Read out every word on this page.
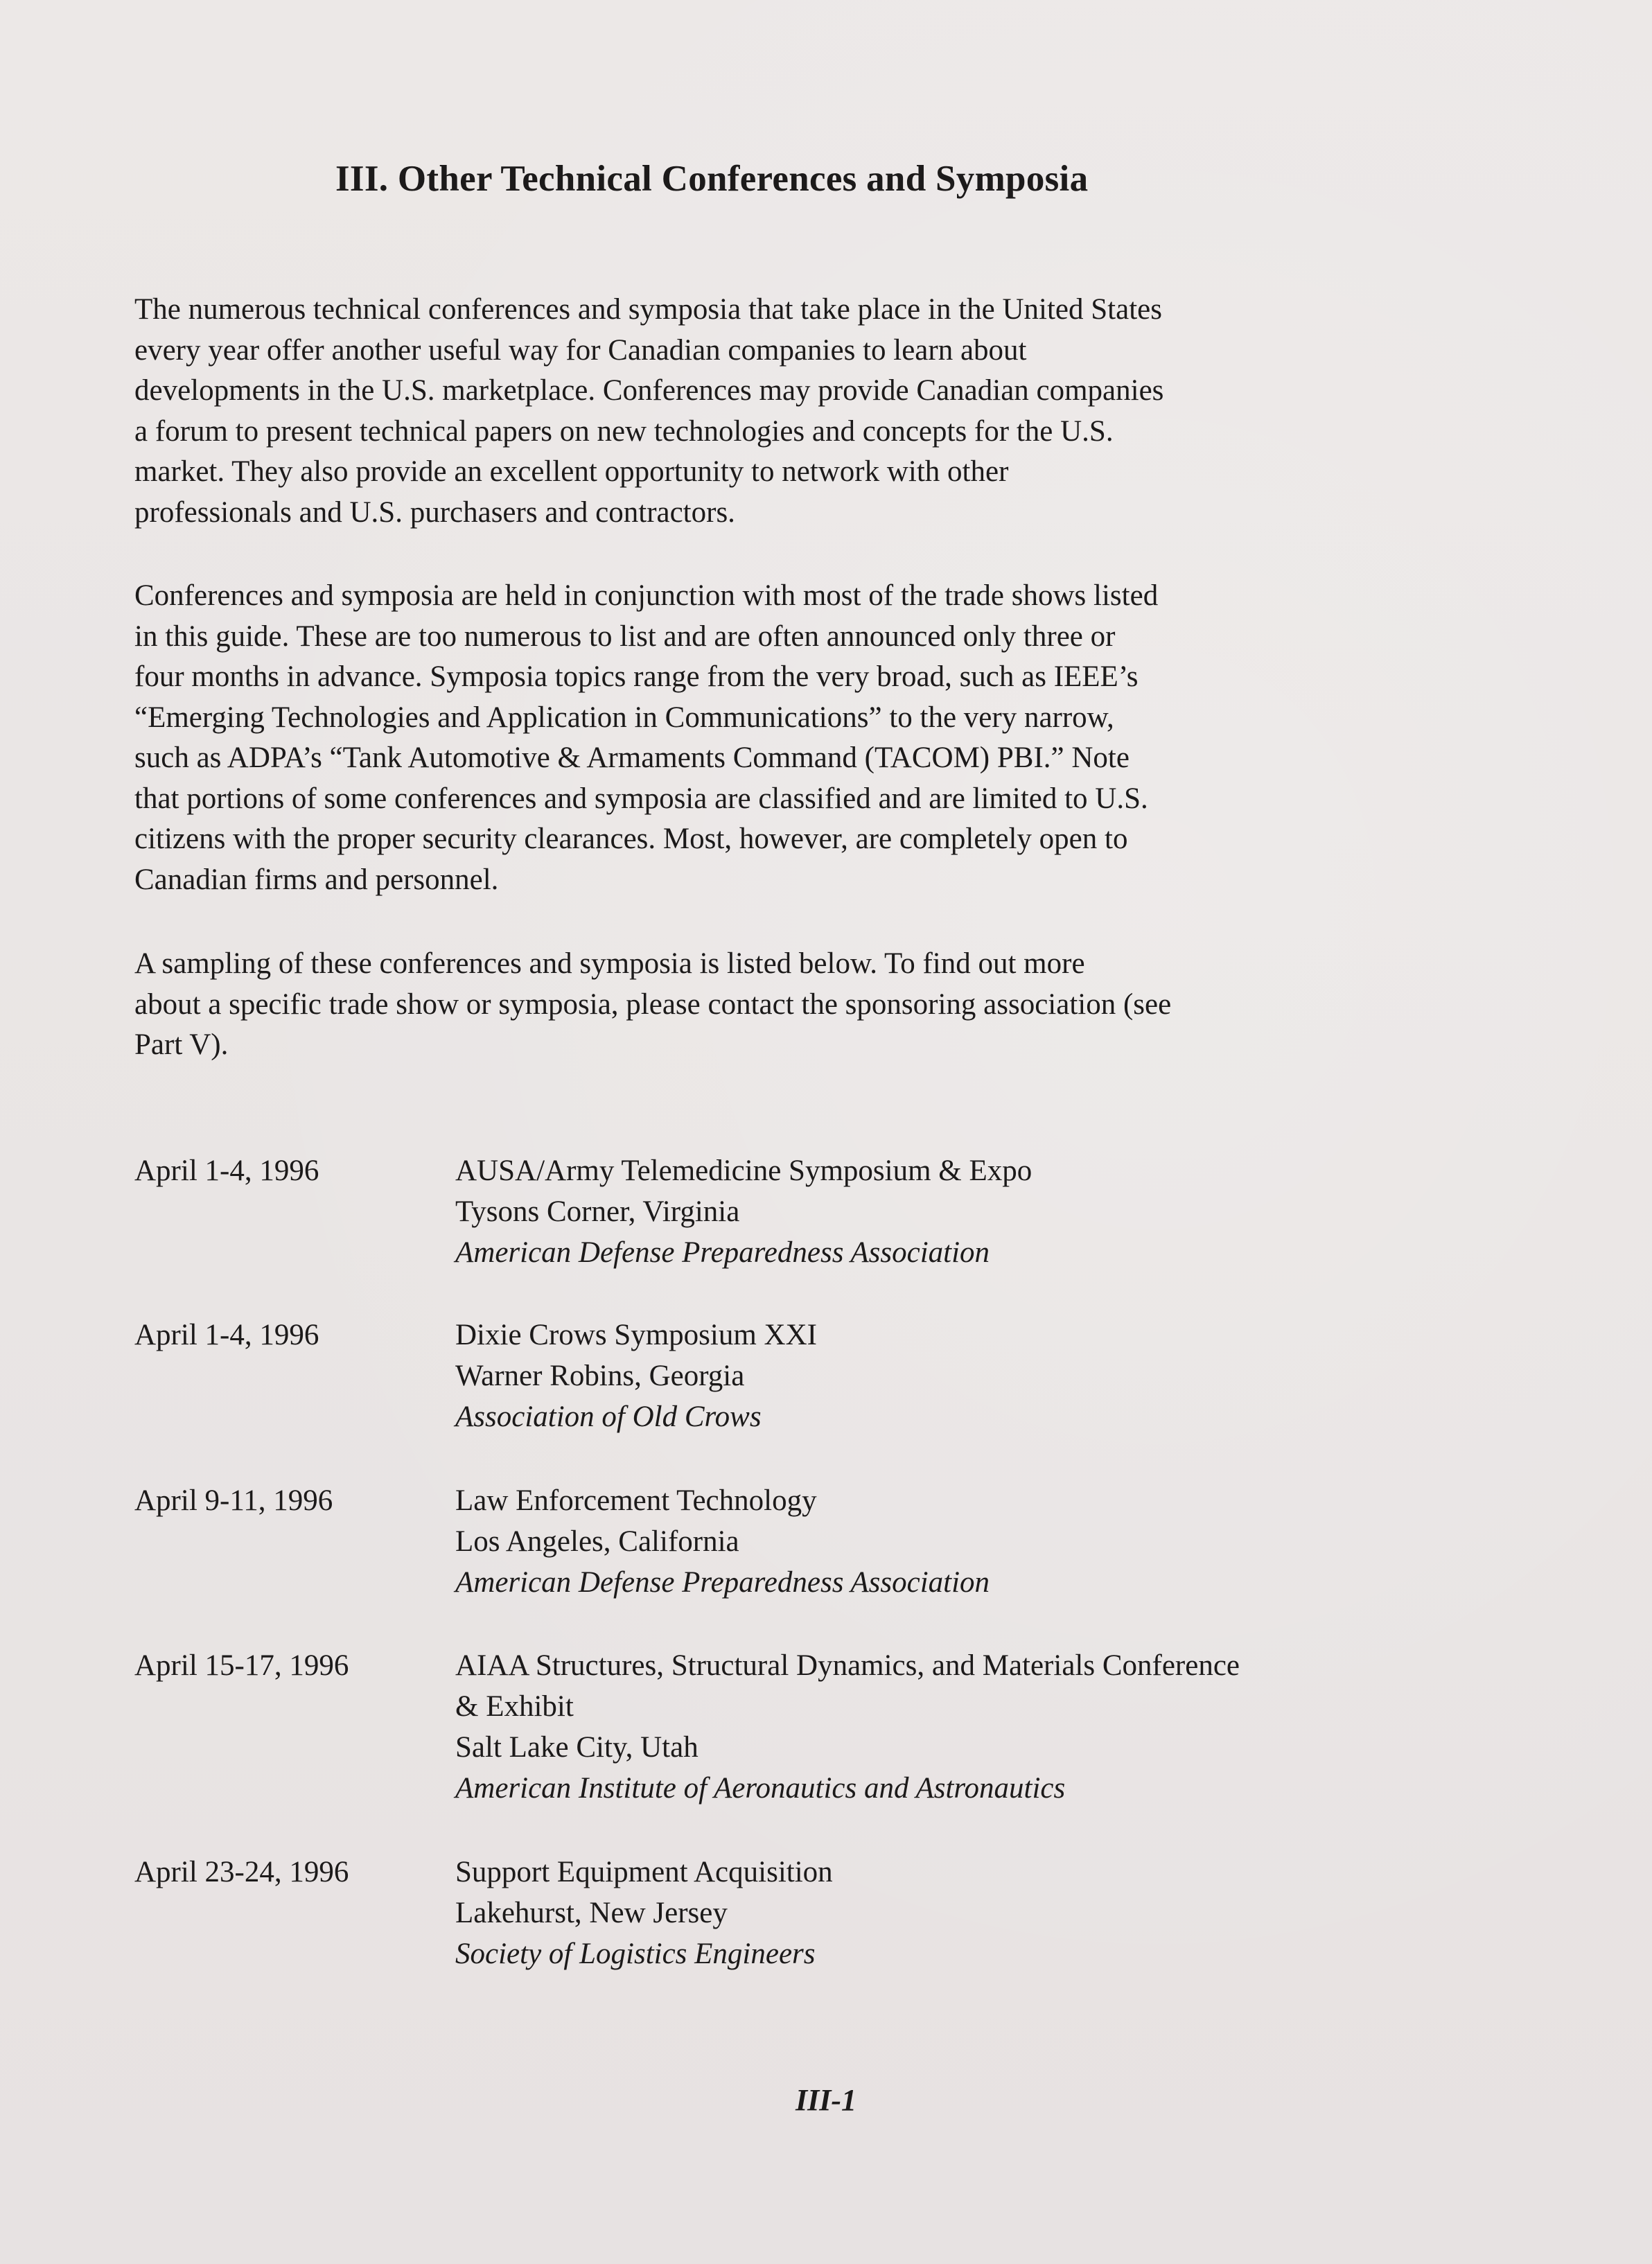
III. Other Technical Conferences and Symposia

The numerous technical conferences and symposia that take place in the United States
every year offer another useful way for Canadian companies to learn about
developments in the U.S. marketplace. Conferences may provide Canadian companies
a forum to present technical papers on new technologies and concepts for the U.S.
market. They also provide an excellent opportunity to network with other
professionals and U.S. purchasers and contractors.

Conferences and symposia are held in conjunction with most of the trade shows listed
in this guide. These are too numerous to list and are often announced only three or
four months in advance. Symposia topics range from the very broad, such as IEEE’s
“Emerging Technologies and Application in Communications” to the very narrow,
such as ADPA’s “Tank Automotive & Armaments Command (TACOM) PBI.” Note
that portions of some conferences and symposia are classified and are limited to U.S.
citizens with the proper security clearances. Most, however, are completely open to
Canadian firms and personnel.

A sampling of these conferences and symposia is listed below. To find out more
about a specific trade show or symposia, please contact the sponsoring association (see
Part V).

April 1-4, 1996	AUSA/Army Telemedicine Symposium & Expo
Tysons Corner, Virginia
American Defense Preparedness Association
April 1-4, 1996	Dixie Crows Symposium XXI
Warner Robins, Georgia
Association of Old Crows
April 9-11, 1996	Law Enforcement Technology
Los Angeles, California
American Defense Preparedness Association
April 15-17, 1996	AIAA Structures, Structural Dynamics, and Materials Conference
& Exhibit
Salt Lake City, Utah
American Institute of Aeronautics and Astronautics
April 23-24, 1996	Support Equipment Acquisition
Lakehurst, New Jersey
Society of Logistics Engineers
III-1
